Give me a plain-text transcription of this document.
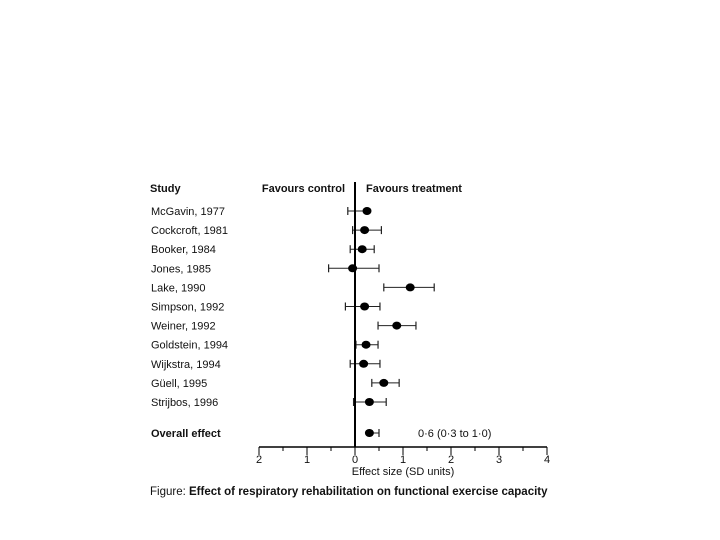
Study	Favours control Favours treatment
McGavin, 1977
Cockcroft, 1981
Booker, 1984
Jones, 1985
Lake, 1990
Simpson, 1992
Weiner, 1992
Goldstein, 1994
Wijkstra, 1994
Güell, 1995
Strijbos, 1996
Overall effect	0·6 (0·3 to 1·0)
2	1	0	1	2	3	4
Effect size (SD units)
Figure: Effect of respiratory rehabilitation on functional exercise capacity
